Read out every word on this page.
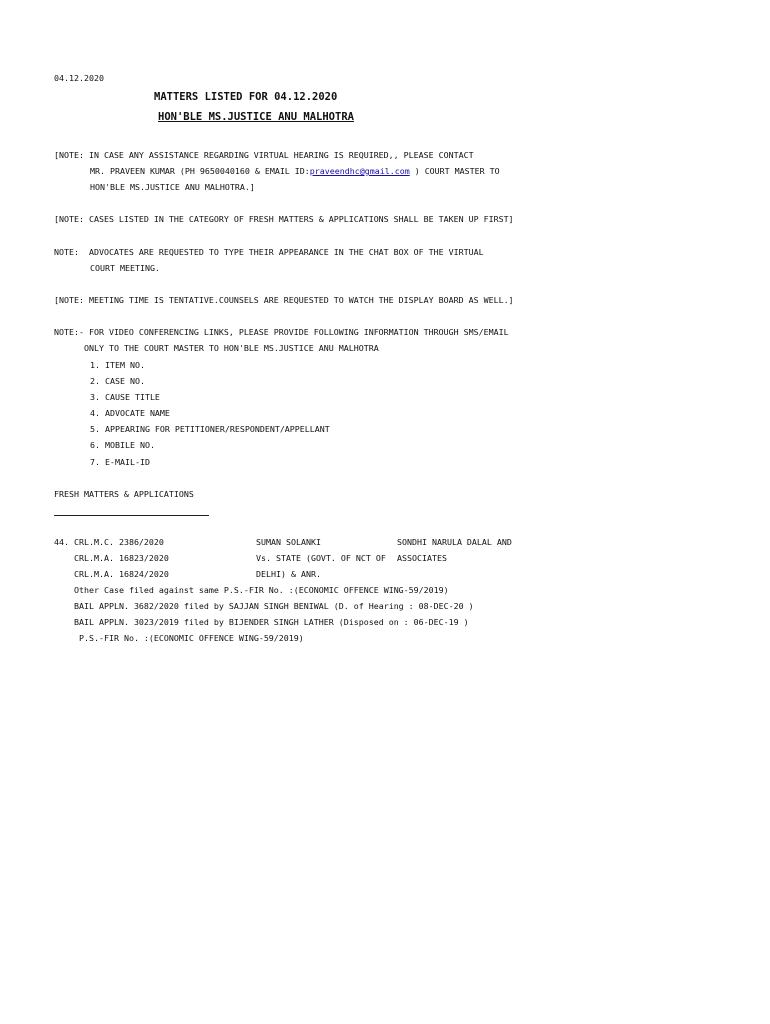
04.12.2020
MATTERS LISTED FOR 04.12.2020
HON'BLE MS.JUSTICE ANU MALHOTRA
[NOTE: IN CASE ANY ASSISTANCE REGARDING VIRTUAL HEARING IS REQUIRED,, PLEASE CONTACT
MR. PRAVEEN KUMAR (PH 9650040160 & EMAIL ID:praveendhc@gmail.com ) COURT MASTER TO
HON'BLE MS.JUSTICE ANU MALHOTRA.]
[NOTE: CASES LISTED IN THE CATEGORY OF FRESH MATTERS & APPLICATIONS SHALL BE TAKEN UP FIRST]
NOTE:  ADVOCATES ARE REQUESTED TO TYPE THEIR APPEARANCE IN THE CHAT BOX OF THE VIRTUAL
COURT MEETING.
[NOTE: MEETING TIME IS TENTATIVE.COUNSELS ARE REQUESTED TO WATCH THE DISPLAY BOARD AS WELL.]
NOTE:- FOR VIDEO CONFERENCING LINKS, PLEASE PROVIDE FOLLOWING INFORMATION THROUGH SMS/EMAIL
ONLY TO THE COURT MASTER TO HON'BLE MS.JUSTICE ANU MALHOTRA
1. ITEM NO.
2. CASE NO.
3. CAUSE TITLE
4. ADVOCATE NAME
5. APPEARING FOR PETITIONER/RESPONDENT/APPELLANT
6. MOBILE NO.
7. E-MAIL-ID
FRESH MATTERS & APPLICATIONS
44. CRL.M.C. 2386/2020
CRL.M.A. 16823/2020
CRL.M.A. 16824/2020
SUMAN SOLANKI
Vs. STATE (GOVT. OF NCT OF
DELHI) & ANR.
SONDHI NARULA DALAL AND
ASSOCIATES
Other Case filed against same P.S.-FIR No. :(ECONOMIC OFFENCE WING-59/2019)
BAIL APPLN. 3682/2020 filed by SAJJAN SINGH BENIWAL (D. of Hearing : 08-DEC-20 )
BAIL APPLN. 3023/2019 filed by BIJENDER SINGH LATHER (Disposed on : 06-DEC-19 )
P.S.-FIR No. :(ECONOMIC OFFENCE WING-59/2019)
